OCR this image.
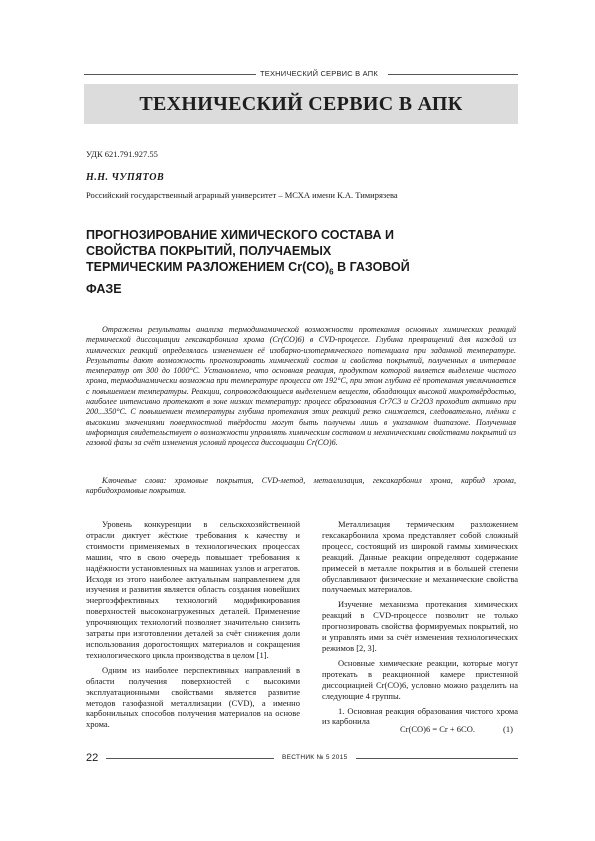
ТЕХНИЧЕСКИЙ СЕРВИС В АПК
ТЕХНИЧЕСКИЙ СЕРВИС В АПК
УДК 621.791.927.55
Н.Н. ЧУПЯТОВ
Российский государственный аграрный университет – МСХА имени К.А. Тимирязева
ПРОГНОЗИРОВАНИЕ ХИМИЧЕСКОГО СОСТАВА И СВОЙСТВА ПОКРЫТИЙ, ПОЛУЧАЕМЫХ ТЕРМИЧЕСКИМ РАЗЛОЖЕНИЕМ $Cr(CO)_6$ В ГАЗОВОЙ ФАЗЕ

Отражены результаты анализа термодинамической возможности протекания основных химических реакций термической диссоциации гексакарбонила хрома (Cr(CO)6) в CVD-процессе. Глубина превращений для каждой из химических реакций определялась изменением её изобарно-изотермического потенциала при заданной температуре. Результаты дают возможность прогнозировать химический состав и свойства покрытий, полученных в интервале температур от 300 до 1000°С. Установлено, что основная реакция, продуктом которой является выделение чистого хрома, термодинамически возможна при температуре процесса от 192°С, при этом глубина её протекания увеличивается с повышением температуры. Реакции, сопровождающиеся выделением веществ, обладающих высокой микротвёрдостью, наиболее интенсивно протекают в зоне низких температур: процесс образования Cr7C3 и Cr2O3 проходит активно при 200...350°С. С повышением температуры глубина протекания этих реакций резко снижается, следовательно, плёнки с высокими значениями поверхностной твёрдости могут быть получены лишь в указанном диапазоне. Полученная информация свидетельствует о возможности управлять химическим составом и механическими свойствами покрытий из газовой фазы за счёт изменения условий процесса диссоциации Cr(CO)6.

Ключевые слова: хромовые покрытия, CVD-метод, металлизация, гексакарбонил хрома, карбид хрома, карбидохромовые покрытия.

Уровень конкуренции в сельскохозяйственной отрасли диктует жёсткие требования к качеству и стоимости применяемых в технологических процессах машин, что в свою очередь повышает требования к надёжности установленных на машинах узлов и агрегатов. Исходя из этого наиболее актуальным направлением для изучения и развития является область создания новейших энергоэффективных технологий модификирования поверхностей высоконагруженных деталей. Применение упрочняющих технологий позволяет значительно снизить затраты при изготовлении деталей за счёт снижения доли использования дорогостоящих материалов и сокращения технологического цикла производства в целом [1].

Одним из наиболее перспективных направлений в области получения поверхностей с высокими эксплуатационными свойствами является развитие методов газофазной металлизации (CVD), а именно карбонильных способов получения материалов на основе хрома.

Металлизация термическим разложением гексакарбонила хрома представляет собой сложный процесс, состоящий из широкой гаммы химических реакций. Данные реакции определяют содержание примесей в металле покрытия и в большей степени обуславливают физические и механические свойства получаемых материалов.

Изучение механизма протекания химических реакций в CVD-процессе позволит не только прогнозировать свойства формируемых покрытий, но и управлять ими за счёт изменения технологических режимов [2, 3].

Основные химические реакции, которые могут протекать в реакционной камере пристенной диссоциацией Cr(CO)6, условно можно разделить на следующие 4 группы.

1. Основная реакция образования чистого хрома из карбонила

Cr(CO)6 = Cr + 6CO.	(1)
22	ВЕСТНИК № 5 2015
